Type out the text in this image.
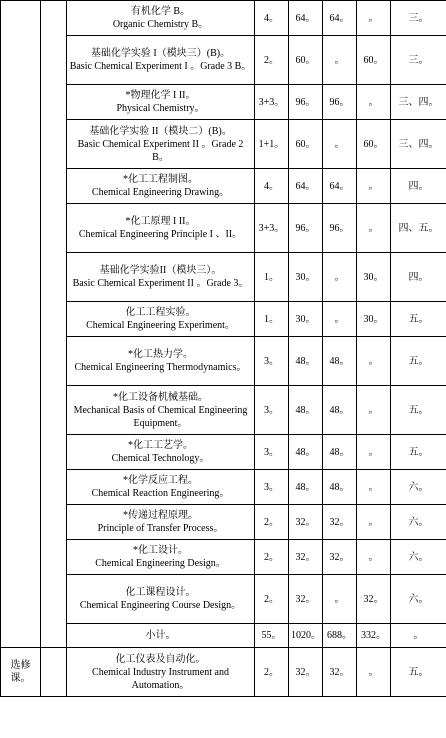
		有机化学 B。
Organic Chemistry B。	4。	64。	64。	。	三。

		基础化学实验 I（模块三）(B)。
Basic Chemical Experiment I 。Grade 3 B。	2。	60。	。	60。	三。

		*物理化学 I II。
Physical Chemistry。	3+3。	96。	96。	。	三、四。

		基础化学实验 II（模块二）(B)。
Basic Chemical Experiment II 。Grade 2 B。	1+1。	60。	。	60。	三、四。

		*化工工程制图。
Chemical Engineering Drawing。	4。	64。	64。	。	四。

		*化工原理 I II。
Chemical Engineering Principle I 、II。	3+3。	96。	96。	。	四、五。

		基础化学实验II（模块三）。
Basic Chemical Experiment II 。Grade 3。	1。	30。	。	30。	四。

		化工工程实验。
Chemical Engineering Experiment。	1。	30。	。	30。	五。

		*化工热力学。
Chemical Engineering Thermodynamics。	3。	48。	48。	。	五。

		*化工设备机械基础。
Mechanical Basis of Chemical Engineering Equipment。	3。	48。	48。	。	五。

		*化工工艺学。
Chemical Technology。	3。	48。	48。	。	五。

		*化学反应工程。
Chemical Reaction Engineering。	3。	48。	48。	。	六。

		*传递过程原理。
Principle of Transfer Process。	2。	32。	32。	。	六。

		*化工设计。
Chemical Engineering Design。	2。	32。	32。	。	六。

		化工课程设计。
Chemical Engineering Course Design。	2。	32。	。	32。	六。
		小计。	55。	1020。	688。	332。	。
选修课。		化工仪表及自动化。
Chemical Industry Instrument and Automation。	2。	32。	32。	。	五。
